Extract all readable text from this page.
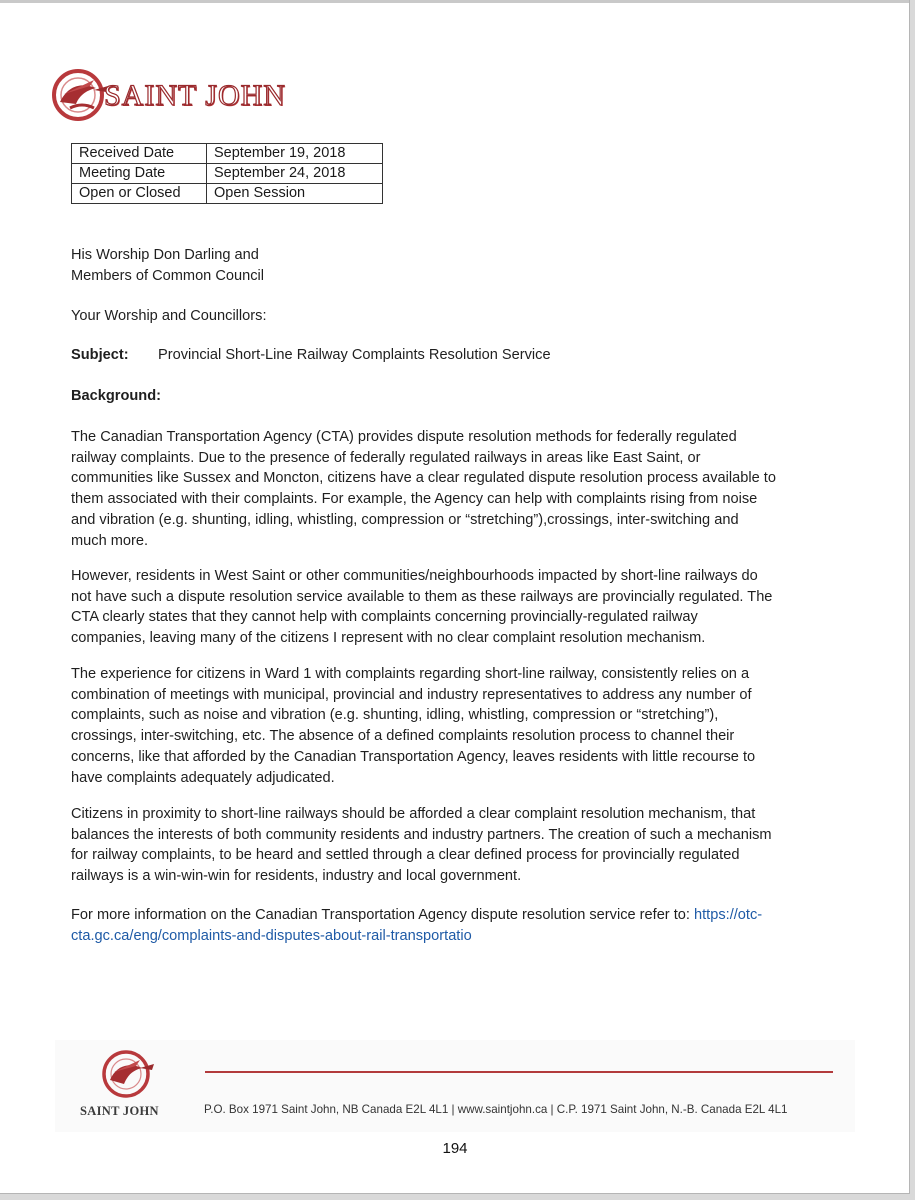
SAINT JOHN
Received Date	September 19, 2018
Meeting Date	September 24, 2018
Open or Closed	Open Session

His Worship Don Darling and
Members of Common Council

Your Worship and Councillors:

Subject: Provincial Short-Line Railway Complaints Resolution Service

Background:

The Canadian Transportation Agency (CTA) provides dispute resolution methods for federally regulated
railway complaints. Due to the presence of federally regulated railways in areas like East Saint, or
communities like Sussex and Moncton, citizens have a clear regulated dispute resolution process available to
them associated with their complaints. For example, the Agency can help with complaints rising from noise
and vibration (e.g. shunting, idling, whistling, compression or “stretching”),crossings, inter-switching and
much more.

However, residents in West Saint or other communities/neighbourhoods impacted by short-line railways do
not have such a dispute resolution service available to them as these railways are provincially regulated. The
CTA clearly states that they cannot help with complaints concerning provincially-regulated railway
companies, leaving many of the citizens I represent with no clear complaint resolution mechanism.

The experience for citizens in Ward 1 with complaints regarding short-line railway, consistently relies on a
combination of meetings with municipal, provincial and industry representatives to address any number of
complaints, such as noise and vibration (e.g. shunting, idling, whistling, compression or “stretching”),
crossings, inter-switching, etc. The absence of a defined complaints resolution process to channel their
concerns, like that afforded by the Canadian Transportation Agency, leaves residents with little recourse to
have complaints adequately adjudicated.

Citizens in proximity to short-line railways should be afforded a clear complaint resolution mechanism, that
balances the interests of both community residents and industry partners. The creation of such a mechanism
for railway complaints, to be heard and settled through a clear defined process for provincially regulated
railways is a win-win-win for residents, industry and local government.

For more information on the Canadian Transportation Agency dispute resolution service refer to: https://otc-
cta.gc.ca/eng/complaints-and-disputes-about-rail-transportatio

SAINT JOHN	P.O. Box 1971 Saint John, NB Canada E2L 4L1 | www.saintjohn.ca | C.P. 1971 Saint John, N.-B. Canada E2L 4L1
194
